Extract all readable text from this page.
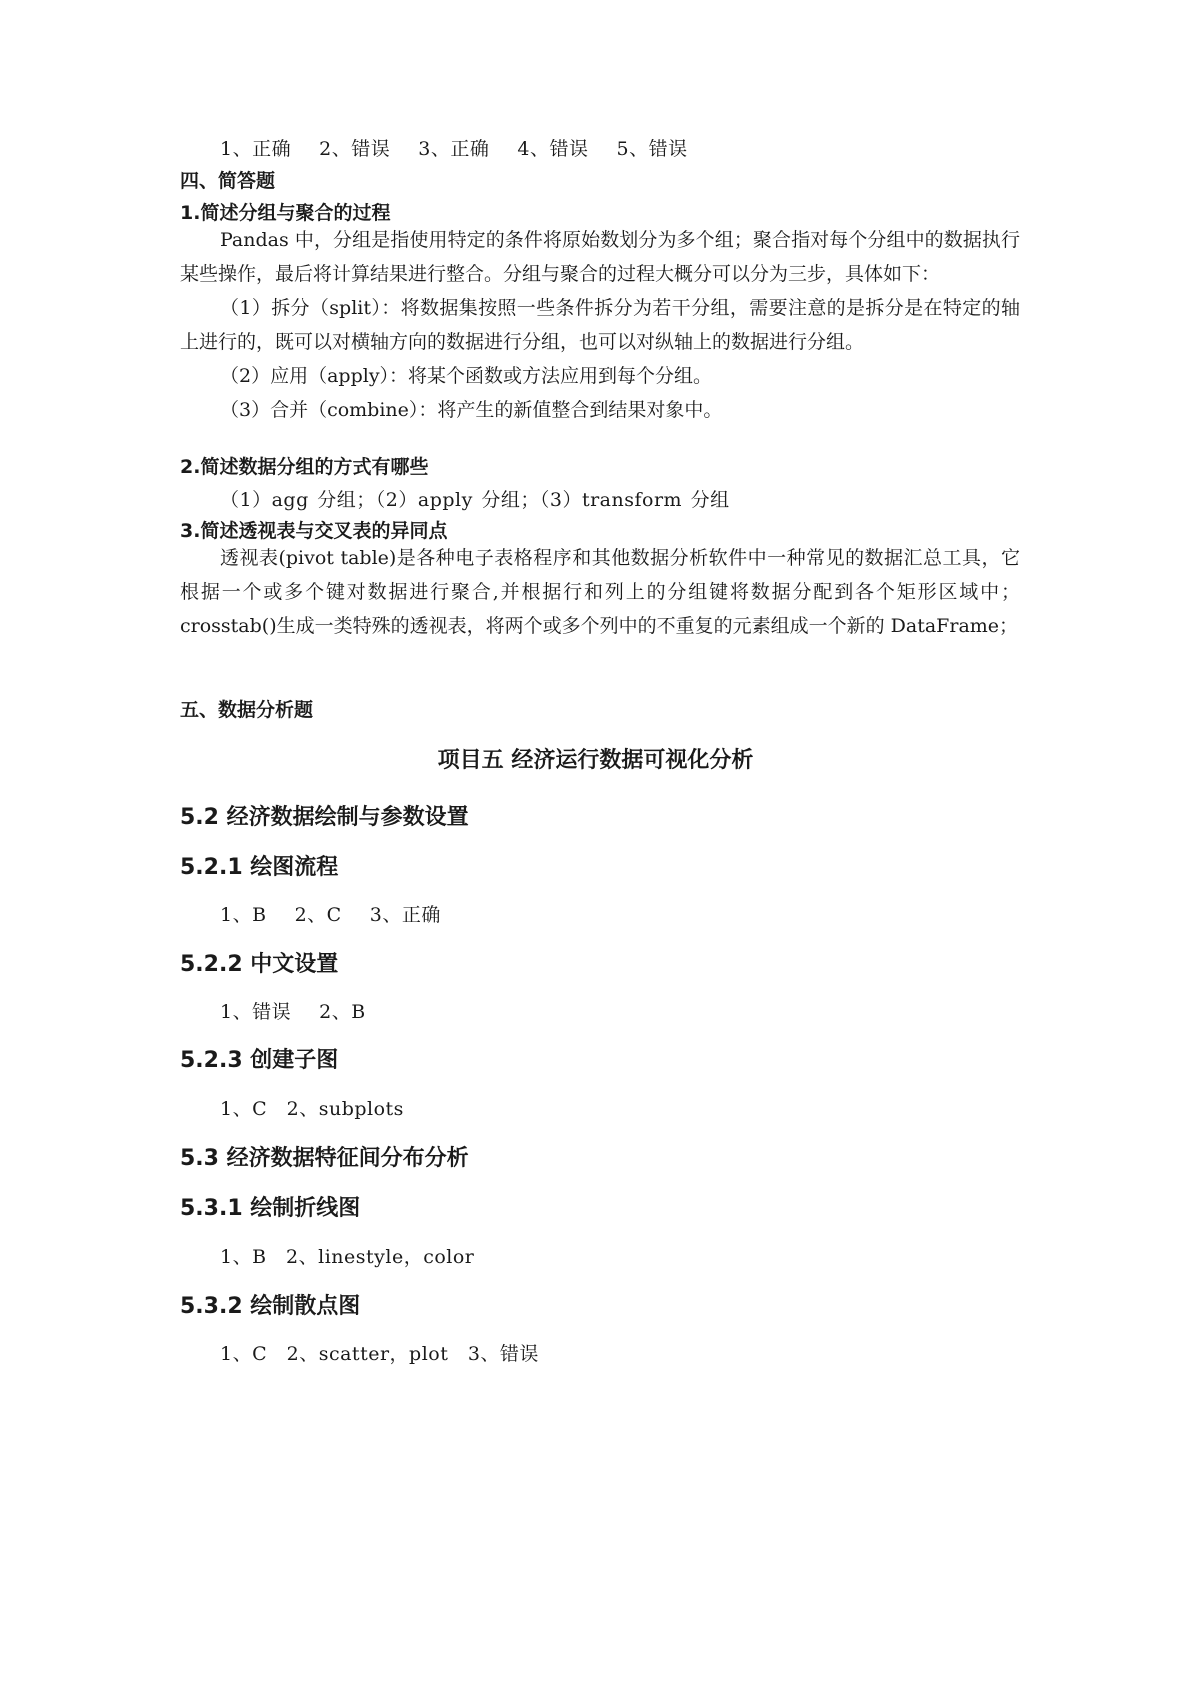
1、正确　 2、错误　 3、正确　 4、错误　 5、错误
四、简答题
1.简述分组与聚合的过程

Pandas 中，分组是指使用特定的条件将原始数划分为多个组；聚合指对每个分组中的数据执行某些操作，最后将计算结果进行整合。分组与聚合的过程大概分可以分为三步，具体如下：

（1）拆分（split）：将数据集按照一些条件拆分为若干分组，需要注意的是拆分是在特定的轴上进行的，既可以对横轴方向的数据进行分组，也可以对纵轴上的数据进行分组。

（2）应用（apply）：将某个函数或方法应用到每个分组。

（3）合并（combine）：将产生的新值整合到结果对象中。

2.简述数据分组的方式有哪些
（1）agg 分组；（2）apply 分组；（3）transform 分组
3.简述透视表与交叉表的异同点

透视表(pivot table)是各种电子表格程序和其他数据分析软件中一种常见的数据汇总工具，它根据一个或多个键对数据进行聚合,并根据行和列上的分组键将数据分配到各个矩形区域中；crosstab()生成一类特殊的透视表，将两个或多个列中的不重复的元素组成一个新的 DataFrame；

五、数据分析题
项目五 经济运行数据可视化分析
5.2 经济数据绘制与参数设置
5.2.1 绘图流程
1、B　 2、C　 3、正确
5.2.2 中文设置
1、错误　 2、B
5.2.3 创建子图
1、C　2、subplots
5.3 经济数据特征间分布分析
5.3.1 绘制折线图
1、B　2、linestyle，color
5.3.2 绘制散点图
1、C　2、scatter，plot　3、错误
